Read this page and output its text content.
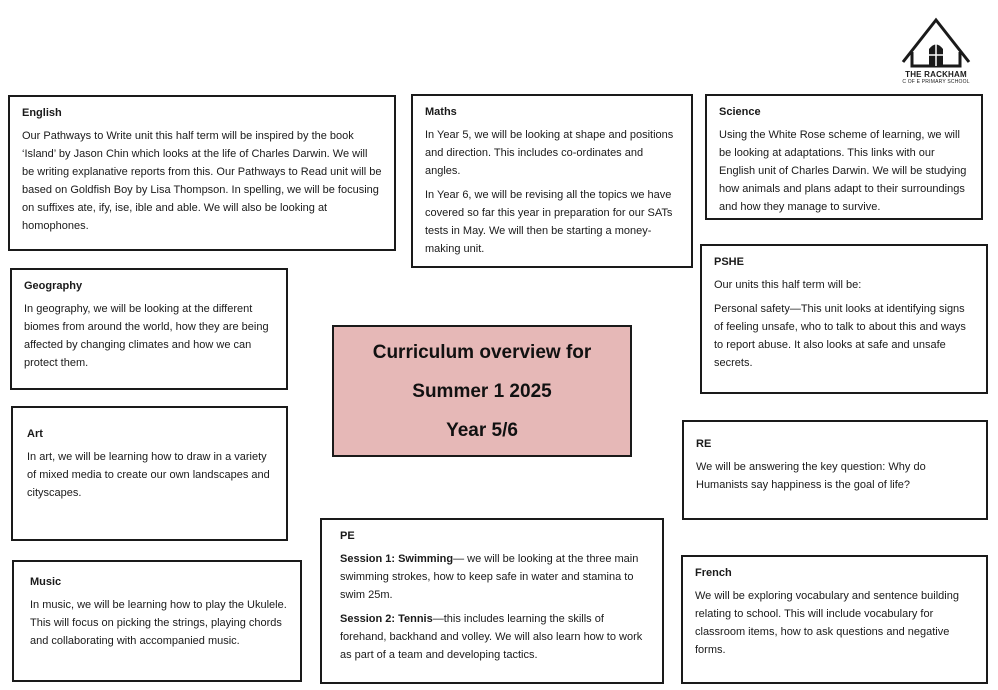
THE RACKHAM
C OF E PRIMARY SCHOOL
English

Our Pathways to Write unit this half term will be inspired by the book ‘Island’ by Jason Chin which looks at the life of Charles Darwin. We will be writing explanative reports from this. Our Pathways to Read unit will be based on Goldfish Boy by Lisa Thompson. In spelling, we will be focusing on suffixes ate, ify, ise, ible and able. We will also be looking at homophones.

Maths

In Year 5, we will be looking at shape and positions and direction. This includes co-ordinates and angles.

In Year 6, we will be revising all the topics we have covered so far this year in preparation for our SATs tests in May. We will then be starting a money-making unit.

Science

Using the White Rose scheme of learning, we will be looking at adaptations. This links with our English unit of Charles Darwin. We will be studying how animals and plans adapt to their surroundings and how they manage to survive.

Geography

In geography, we will be looking at the different biomes from around the world, how they are being affected by changing climates and how we can protect them.

PSHE

Our units this half term will be:

Personal safety—This unit looks at identifying signs of feeling unsafe, who to talk to about this and ways to report abuse. It also looks at safe and unsafe secrets.

Curriculum overview for
Summer 1 2025
Year 5/6
Art

In art, we will be learning how to draw in a variety of mixed media to create our own landscapes and cityscapes.

RE

We will be answering the key question: Why do Humanists say happiness is the goal of life?

PE

Session 1: Swimming— we will be looking at the three main swimming strokes, how to keep safe in water and stamina to swim 25m.

Session 2: Tennis—this includes learning the skills of forehand, backhand and volley. We will also learn how to work as part of a team and developing tactics.

Music

In music, we will be learning how to play the Ukulele. This will focus on picking the strings, playing chords and collaborating with accompanied music.

French

We will be exploring vocabulary and sentence building relating to school. This will include vocabulary for classroom items, how to ask questions and negative forms.
